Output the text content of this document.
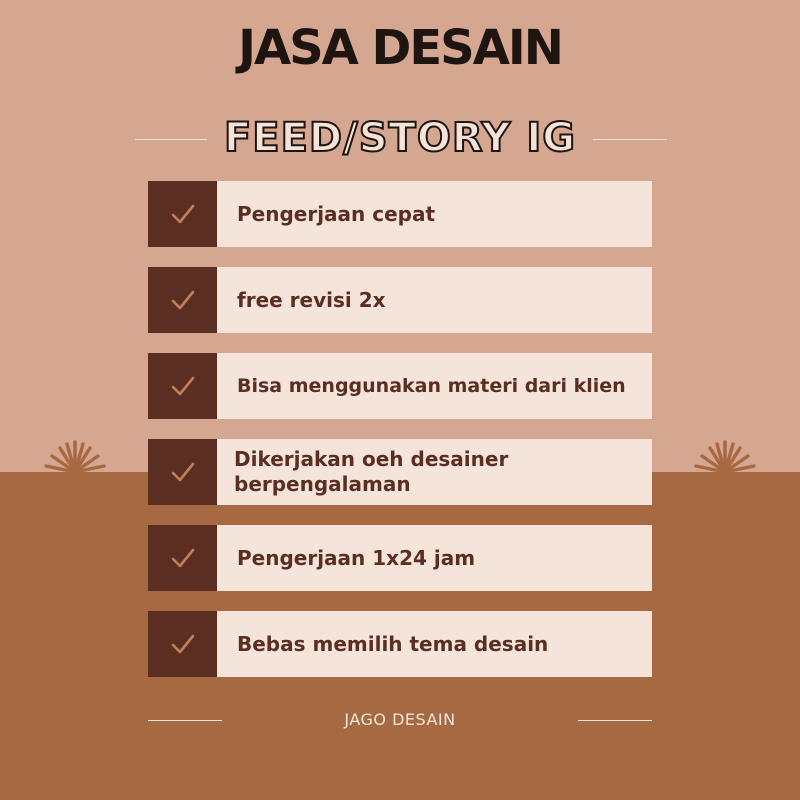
JASA DESAIN
FEED/STORY IG
Pengerjaan cepat
free revisi 2x
Bisa menggunakan materi dari klien
Dikerjakan oeh desainer berpengalaman
Pengerjaan 1x24 jam
Bebas memilih tema desain
JAGO DESAIN
